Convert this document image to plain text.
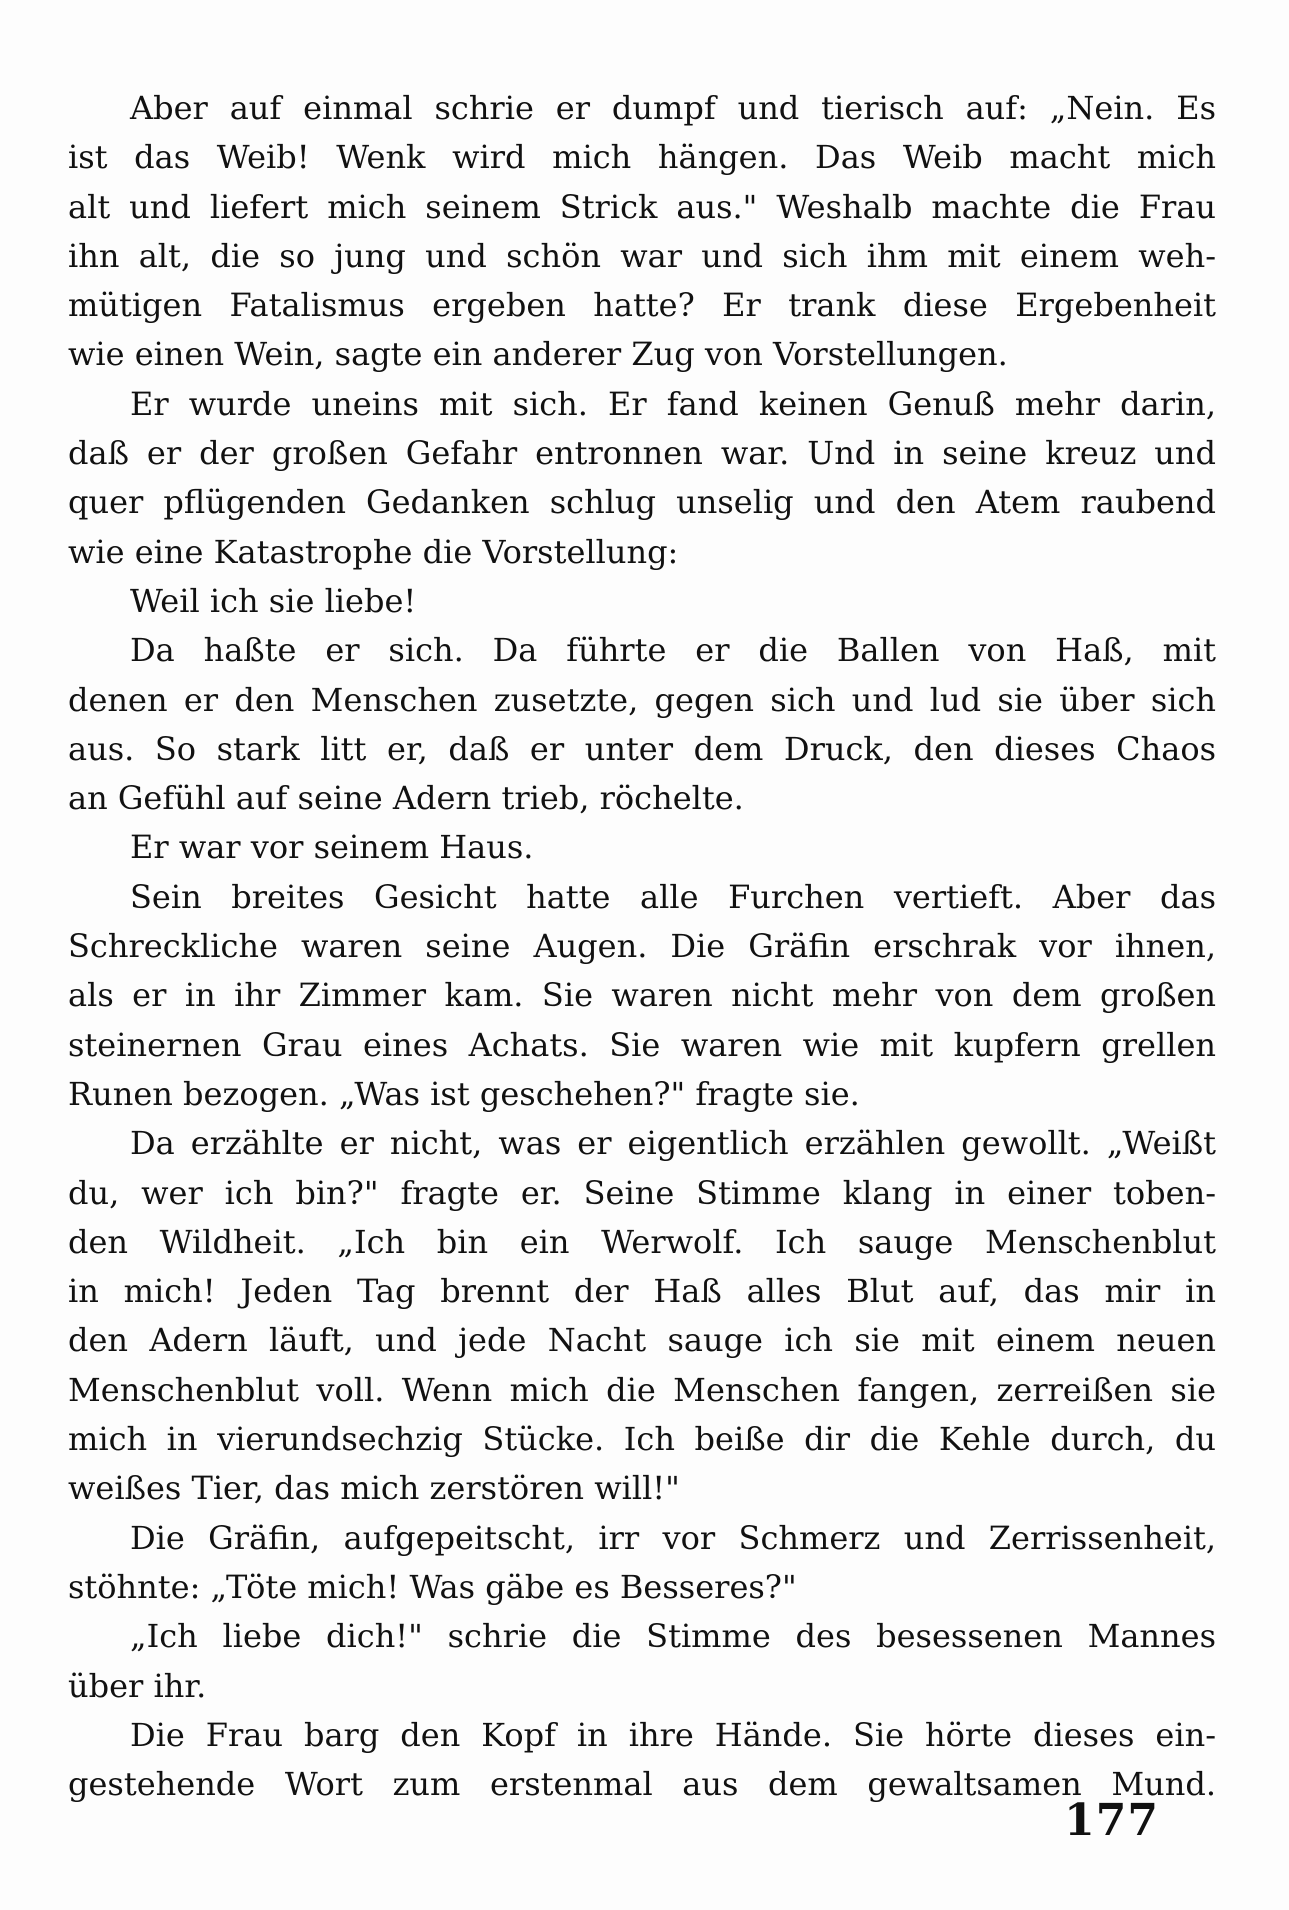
Aber auf einmal schrie er dumpf und tierisch auf: „Nein. Es
ist das Weib! Wenk wird mich hängen. Das Weib macht mich
alt und liefert mich seinem Strick aus." Weshalb machte die Frau
ihn alt, die so jung und schön war und sich ihm mit einem weh-
mütigen Fatalismus ergeben hatte? Er trank diese Ergebenheit
wie einen Wein, sagte ein anderer Zug von Vorstellungen.
Er wurde uneins mit sich. Er fand keinen Genuß mehr darin,
daß er der großen Gefahr entronnen war. Und in seine kreuz und
quer pflügenden Gedanken schlug unselig und den Atem raubend
wie eine Katastrophe die Vorstellung:
Weil ich sie liebe!
Da haßte er sich. Da führte er die Ballen von Haß, mit
denen er den Menschen zusetzte, gegen sich und lud sie über sich
aus. So stark litt er, daß er unter dem Druck, den dieses Chaos
an Gefühl auf seine Adern trieb, röchelte.
Er war vor seinem Haus.
Sein breites Gesicht hatte alle Furchen vertieft. Aber das
Schreckliche waren seine Augen. Die Gräfin erschrak vor ihnen,
als er in ihr Zimmer kam. Sie waren nicht mehr von dem großen
steinernen Grau eines Achats. Sie waren wie mit kupfern grellen
Runen bezogen. „Was ist geschehen?" fragte sie.
Da erzählte er nicht, was er eigentlich erzählen gewollt. „Weißt
du, wer ich bin?" fragte er. Seine Stimme klang in einer toben-
den Wildheit. „Ich bin ein Werwolf. Ich sauge Menschenblut
in mich! Jeden Tag brennt der Haß alles Blut auf, das mir in
den Adern läuft, und jede Nacht sauge ich sie mit einem neuen
Menschenblut voll. Wenn mich die Menschen fangen, zerreißen sie
mich in vierundsechzig Stücke. Ich beiße dir die Kehle durch, du
weißes Tier, das mich zerstören will!"
Die Gräfin, aufgepeitscht, irr vor Schmerz und Zerrissenheit,
stöhnte: „Töte mich! Was gäbe es Besseres?"
„Ich liebe dich!" schrie die Stimme des besessenen Mannes
über ihr.
Die Frau barg den Kopf in ihre Hände. Sie hörte dieses ein-
gestehende Wort zum erstenmal aus dem gewaltsamen Mund.
177
